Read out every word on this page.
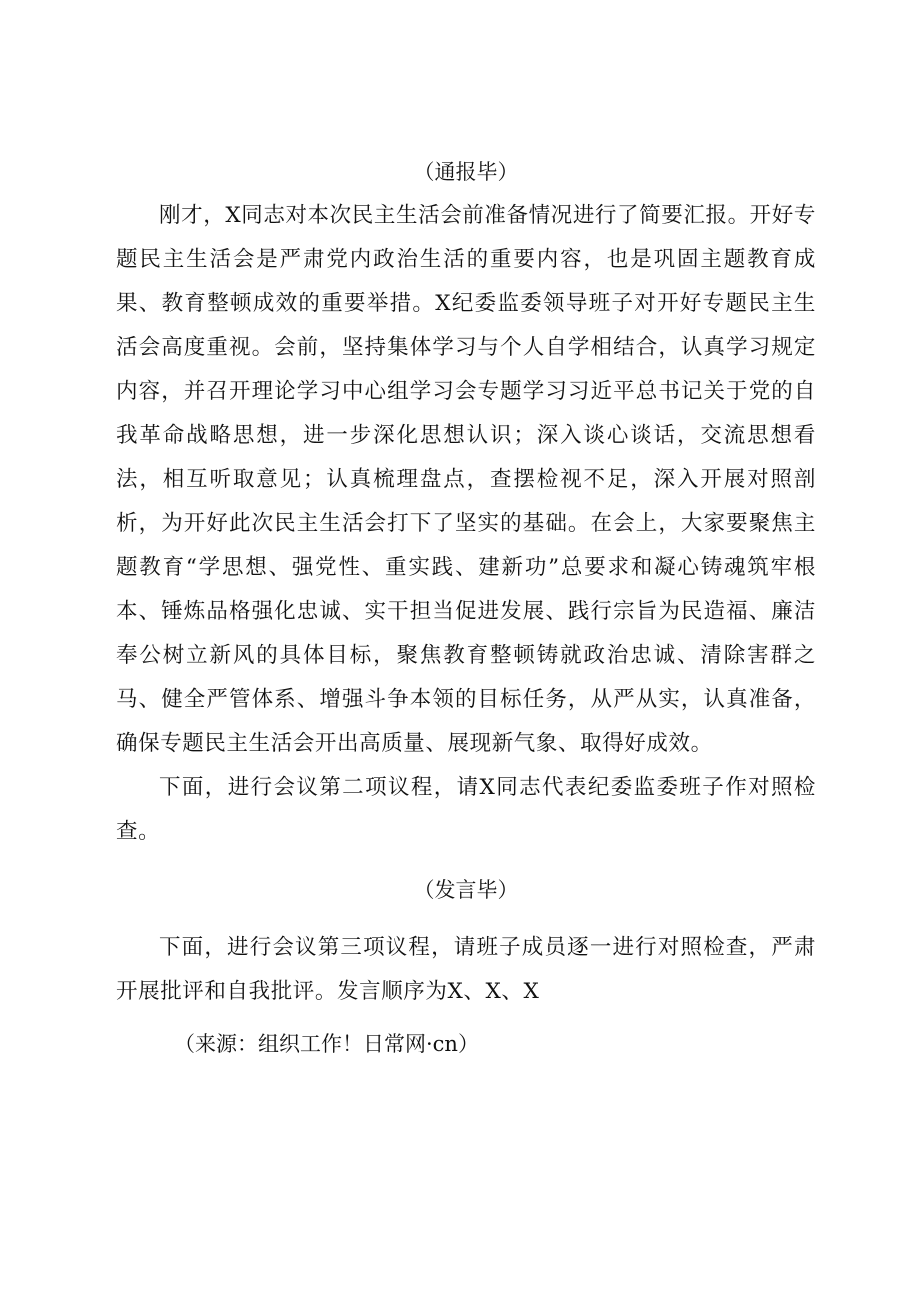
（通报毕）

刚才，X同志对本次民主生活会前准备情况进行了简要汇报。开好专题民主生活会是严肃党内政治生活的重要内容，也是巩固主题教育成果、教育整顿成效的重要举措。X纪委监委领导班子对开好专题民主生活会高度重视。会前，坚持集体学习与个人自学相结合，认真学习规定内容，并召开理论学习中心组学习会专题学习习近平总书记关于党的自我革命战略思想，进一步深化思想认识；深入谈心谈话，交流思想看法，相互听取意见；认真梳理盘点，查摆检视不足，深入开展对照剖析，为开好此次民主生活会打下了坚实的基础。在会上，大家要聚焦主题教育“学思想、强党性、重实践、建新功”总要求和凝心铸魂筑牢根本、锤炼品格强化忠诚、实干担当促进发展、践行宗旨为民造福、廉洁奉公树立新风的具体目标，聚焦教育整顿铸就政治忠诚、清除害群之马、健全严管体系、增强斗争本领的目标任务，从严从实，认真准备，确保专题民主生活会开出高质量、展现新气象、取得好成效。

下面，进行会议第二项议程，请X同志代表纪委监委班子作对照检查。

（发言毕）

下面，进行会议第三项议程，请班子成员逐一进行对照检查，严肃开展批评和自我批评。发言顺序为X、X、X

（来源：组织工作！日常网·cn）
